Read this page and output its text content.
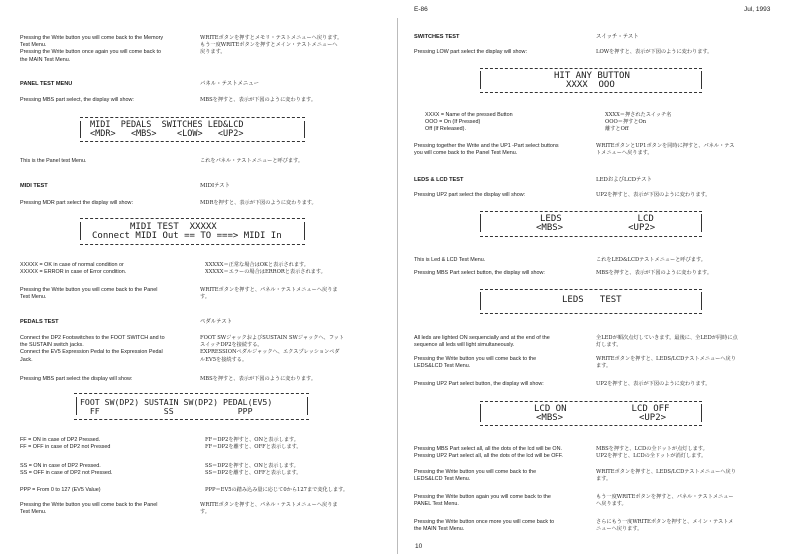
E-86	Jul, 1993
Pressing the Write button you will come back to the Memory
Test Menu.
Pressing the Write button once again you will come back to
the MAIN Test Menu.
WRITEボタンを押すとメモリ・テストメニューへ戻ります。
もう一度WRITEボタンを押すとメイン・テストメニューへ
戻ります。
PANEL TEST MENU	パネル・テストメニュー
Pressing MBS part select, the display will show:	MBSを押すと、表示が下図のように変わります。
MIDI  PEDALS  SWITCHES LED&LCD
<MDR>   <MBS>    <LOW>   <UP2>
This is the Panel test Menu.	これをパネル・テストメニューと呼びます。
MIDI TEST	MIDIテスト
Pressing MDR part select the display will show:	MDRを押すと、表示が下図のように変わります。
MIDI TEST  XXXXX
Connect MIDI Out == TO ===> MIDI In
XXXXX = OK in case of normal condition or
XXXXX = ERROR in case of Error condition.
XXXXX＝正常な場合はOKと表示されます。
XXXXX＝エラーの場合はERRORと表示されます。
Pressing the Write button you will come back to the Panel
Test Menu.
WRITEボタンを押すと、パネル・テストメニューへ戻りま
す。
PEDALS TEST	ペダルテスト
Connect the DP2 Footswitches to the FOOT SWITCH and to
the SUSTAIN switch jacks.
Connect the EV5 Expression Pedal to the Expression Pedal
Jack.
FOOT SWジャックおよびSUSTAIN SWジャックへ、フット
スイッチDP2を接続する。
EXPRESSIONペダルジャックへ、エクスプレッションペダ
ルEV5を接続する。
Pressing MBS part select the display will show:	MBSを押すと、表示が下図のように変わります。
FOOT SW(DP2) SUSTAIN SW(DP2) PEDAL(EV5)
FF             SS             PPP
FF = ON in case of DP2 Pressed.
FF = OFF in case of DP2 not Pressed
FF＝DP2を押すと、ONと表示します。
FF＝DP2を離すと、OFFと表示します。
SS = ON in case of DP2 Pressed.
SS = OFF in case of DP2 not Pressed.
SS＝DP2を押すと、ONと表示します。
SS＝DP2を離すと、OFFと表示します。
PPP = From 0 to 127 (EV5 Value)	PPP＝EV5の踏み込み量に応じて0から127まで変化します。
Pressing the Write button you will come back to the Panel
Test Menu.
WRITEボタンを押すと、パネル・テストメニューへ戻りま
す。
SWITCHES TEST	スイッチ・テスト
Pressing LOW part select the display will show:	LOWを押すと、表示が下図のように変わります。
HIT ANY BUTTON
XXXX  OOO
XXXX = Name of the pressed Button
OOO = On (If Pressed)
Off (If Released).
XXXX＝押されたスイッチ名
OOO＝押すとOn
離すとOff
Pressing together the Write and the UP1 -Part select buttons
you will come back to the Panel Test Menu.
WRITEボタンとUP1ボタンを同時に押すと、パネル・テス
トメニューへ戻ります。
LEDS & LCD TEST	LEDおよびLCDテスト
Pressing UP2 part select the display will show:	UP2を押すと、表示が下図のように変わります。
LEDS              LCD
<MBS>            <UP2>
This is Led & LCD Test Menu.	これをLED&LCDテストメニューと呼びます。
Pressing MBS Part select button, the display will show:	MBSを押すと、表示が下図のように変わります。
LEDS   TEST
All leds are lighted ON sequencially and at the end of the
sequence all leds will light simultaneously.
全LEDが順次点灯していきます。最後に、全LEDが同時に点
灯します。
Pressing the Write button you will come back to the
LEDS&LCD Test Menu.
WRITEボタンを押すと、LEDS/LCDテストメニューへ戻り
ます。
Pressing UP2 Part select button, the display will show:	UP2を押すと、表示が下図のように変わります。
LCD ON            LCD OFF
<MBS>              <UP2>
Pressing MBS Part select all, all the dots of the lcd will be ON.
Pressing UP2 Part select all, all the dots of the lcd will be OFF.
MBSを押すと、LCDの全ドットが点灯します。
UP2を押すと、LCDの全ドットが消灯します。
Pressing the Write button you will come back to the
LEDS&LCD Test Menu.
WRITEボタンを押すと、LEDS/LCDテストメニューへ戻り
ます。
Pressing the Write button again you will come back to the
PANEL Test Menu.
もう一度WRITEボタンを押すと、パネル・テストメニュー
へ戻ります。
Pressing the Write button once more you will come back to
the MAIN Test Menu.
さらにもう一度WRITEボタンを押すと、メイン・テストメ
ニューへ戻ります。
10
